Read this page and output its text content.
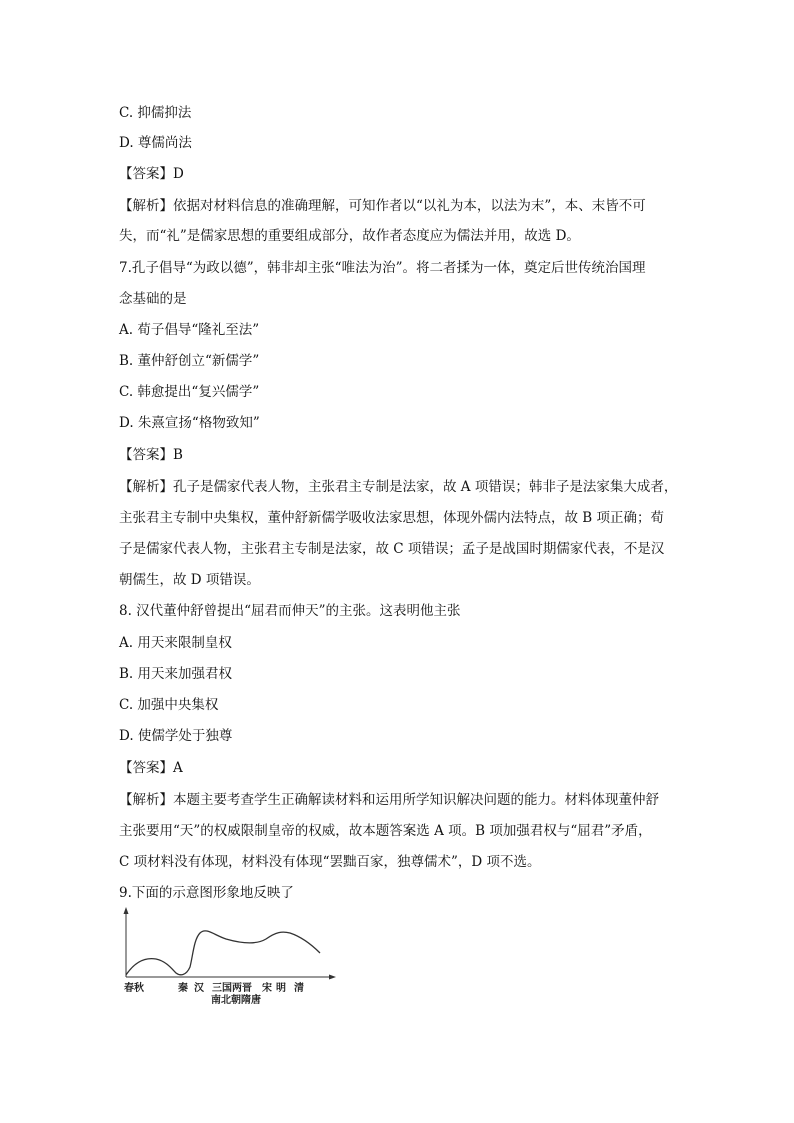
C. 抑儒抑法
D. 尊儒尚法
【答案】D
【解析】依据对材料信息的准确理解，可知作者以“以礼为本，以法为末”，本、末皆不可
失，而“礼”是儒家思想的重要组成部分，故作者态度应为儒法并用，故选 D。
7.孔子倡导“为政以德”，韩非却主张“唯法为治”。将二者揉为一体，奠定后世传统治国理
念基础的是
A. 荀子倡导“隆礼至法”
B. 董仲舒创立“新儒学”
C. 韩愈提出“复兴儒学”
D. 朱熹宣扬“格物致知”
【答案】B
【解析】孔子是儒家代表人物，主张君主专制是法家，故 A 项错误；韩非子是法家集大成者，
主张君主专制中央集权，董仲舒新儒学吸收法家思想，体现外儒内法特点，故 B 项正确；荀
子是儒家代表人物，主张君主专制是法家，故 C 项错误；孟子是战国时期儒家代表，不是汉
朝儒生，故 D 项错误。
8. 汉代董仲舒曾提出“屈君而伸天”的主张。这表明他主张
A. 用天来限制皇权
B. 用天来加强君权
C. 加强中央集权
D. 使儒学处于独尊
【答案】A
【解析】本题主要考查学生正确解读材料和运用所学知识解决问题的能力。材料体现董仲舒
主张要用“天”的权威限制皇帝的权威，故本题答案选 A 项。B 项加强君权与“屈君”矛盾，
C 项材料没有体现，材料没有体现“罢黜百家，独尊儒术”，D 项不选。
9.下面的示意图形象地反映了
春秋	秦 汉 三国两晋
南北朝隋唐
宋 明 清
